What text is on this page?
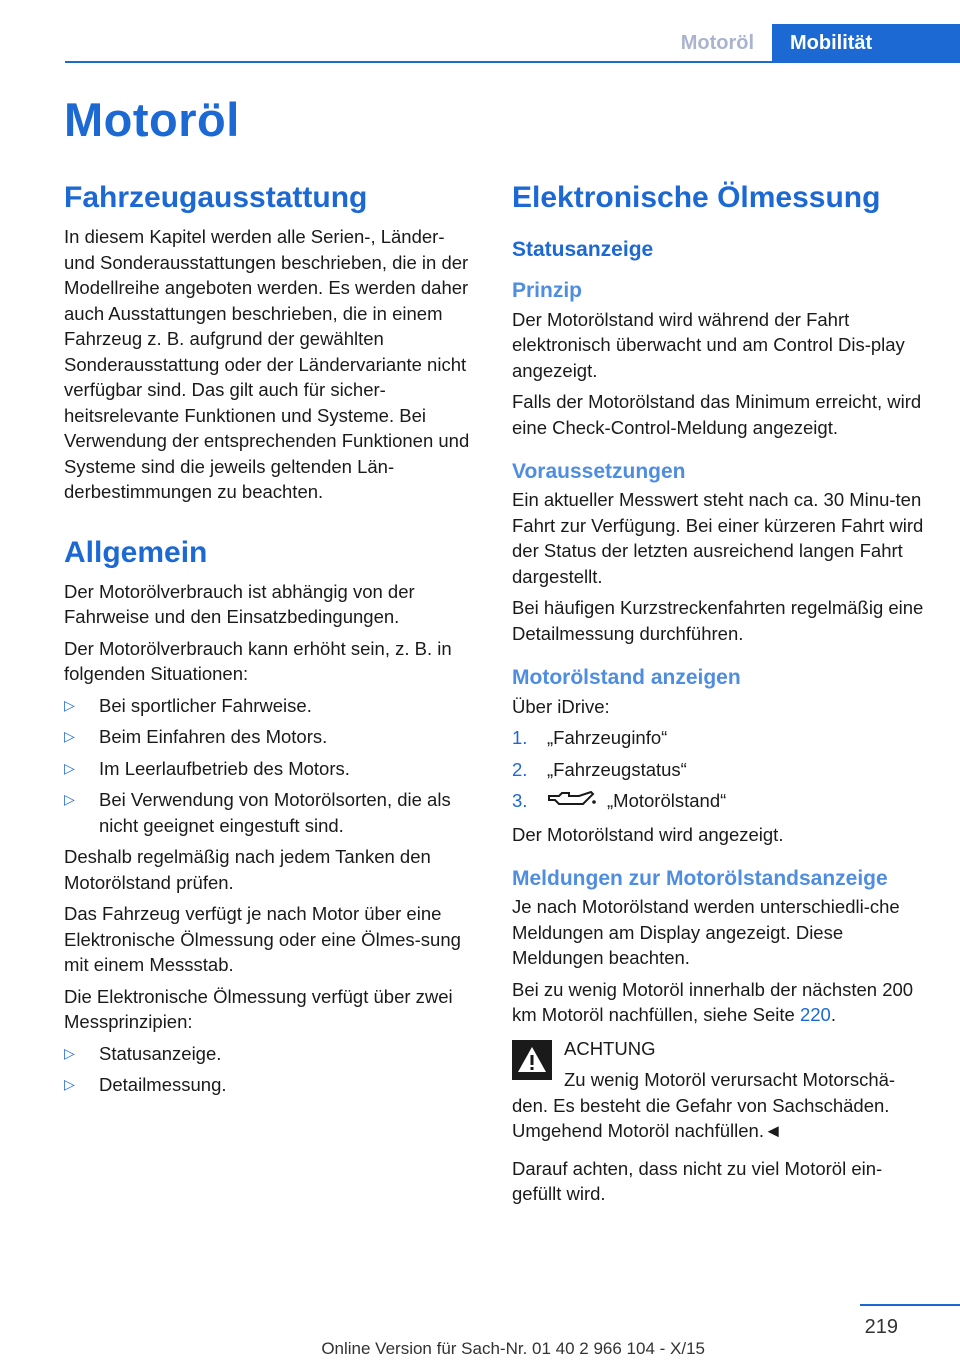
Motoröl	Mobilität
Motoröl
Fahrzeugausstattung

In diesem Kapitel werden alle Serien-, Länder- und Sonderausstattungen beschrieben, die in der Modellreihe angeboten werden. Es werden daher auch Ausstattungen beschrieben, die in einem Fahrzeug z. B. aufgrund der gewählten Sonderausstattung oder der Ländervariante nicht verfügbar sind. Das gilt auch für sicher-heitsrelevante Funktionen und Systeme. Bei Verwendung der entsprechenden Funktionen und Systeme sind die jeweils geltenden Län-derbestimmungen zu beachten.

Allgemein

Der Motorölverbrauch ist abhängig von der Fahrweise und den Einsatzbedingungen.

Der Motorölverbrauch kann erhöht sein, z. B. in folgenden Situationen:

▷ Bei sportlicher Fahrweise.
▷ Beim Einfahren des Motors.
▷ Im Leerlaufbetrieb des Motors.
▷ Bei Verwendung von Motorölsorten, die als nicht geeignet eingestuft sind.

Deshalb regelmäßig nach jedem Tanken den Motorölstand prüfen.

Das Fahrzeug verfügt je nach Motor über eine Elektronische Ölmessung oder eine Ölmes-sung mit einem Messstab.

Die Elektronische Ölmessung verfügt über zwei Messprinzipien:

▷ Statusanzeige.
▷ Detailmessung.
Elektronische Ölmessung
Statusanzeige
Prinzip

Der Motorölstand wird während der Fahrt elektronisch überwacht und am Control Dis-play angezeigt.

Falls der Motorölstand das Minimum erreicht, wird eine Check-Control-Meldung angezeigt.

Voraussetzungen

Ein aktueller Messwert steht nach ca. 30 Minu-ten Fahrt zur Verfügung. Bei einer kürzeren Fahrt wird der Status der letzten ausreichend langen Fahrt dargestellt.

Bei häufigen Kurzstreckenfahrten regelmäßig eine Detailmessung durchführen.

Motorölstand anzeigen

Über iDrive:

1. „Fahrzeuginfo“
2. „Fahrzeugstatus“
3.	„Motorölstand“

Der Motorölstand wird angezeigt.

Meldungen zur Motorölstandsanzeige

Je nach Motorölstand werden unterschiedli-che Meldungen am Display angezeigt. Diese Meldungen beachten.

Bei zu wenig Motoröl innerhalb der nächsten 200 km Motoröl nachfüllen, siehe Seite 220.

ACHTUNG
Zu wenig Motoröl verursacht Motorschä-
den. Es besteht die Gefahr von Sachschäden. Umgehend Motoröl nachfüllen.◄

Darauf achten, dass nicht zu viel Motoröl ein-gefüllt wird.

219
Online Version für Sach-Nr. 01 40 2 966 104 - X/15
